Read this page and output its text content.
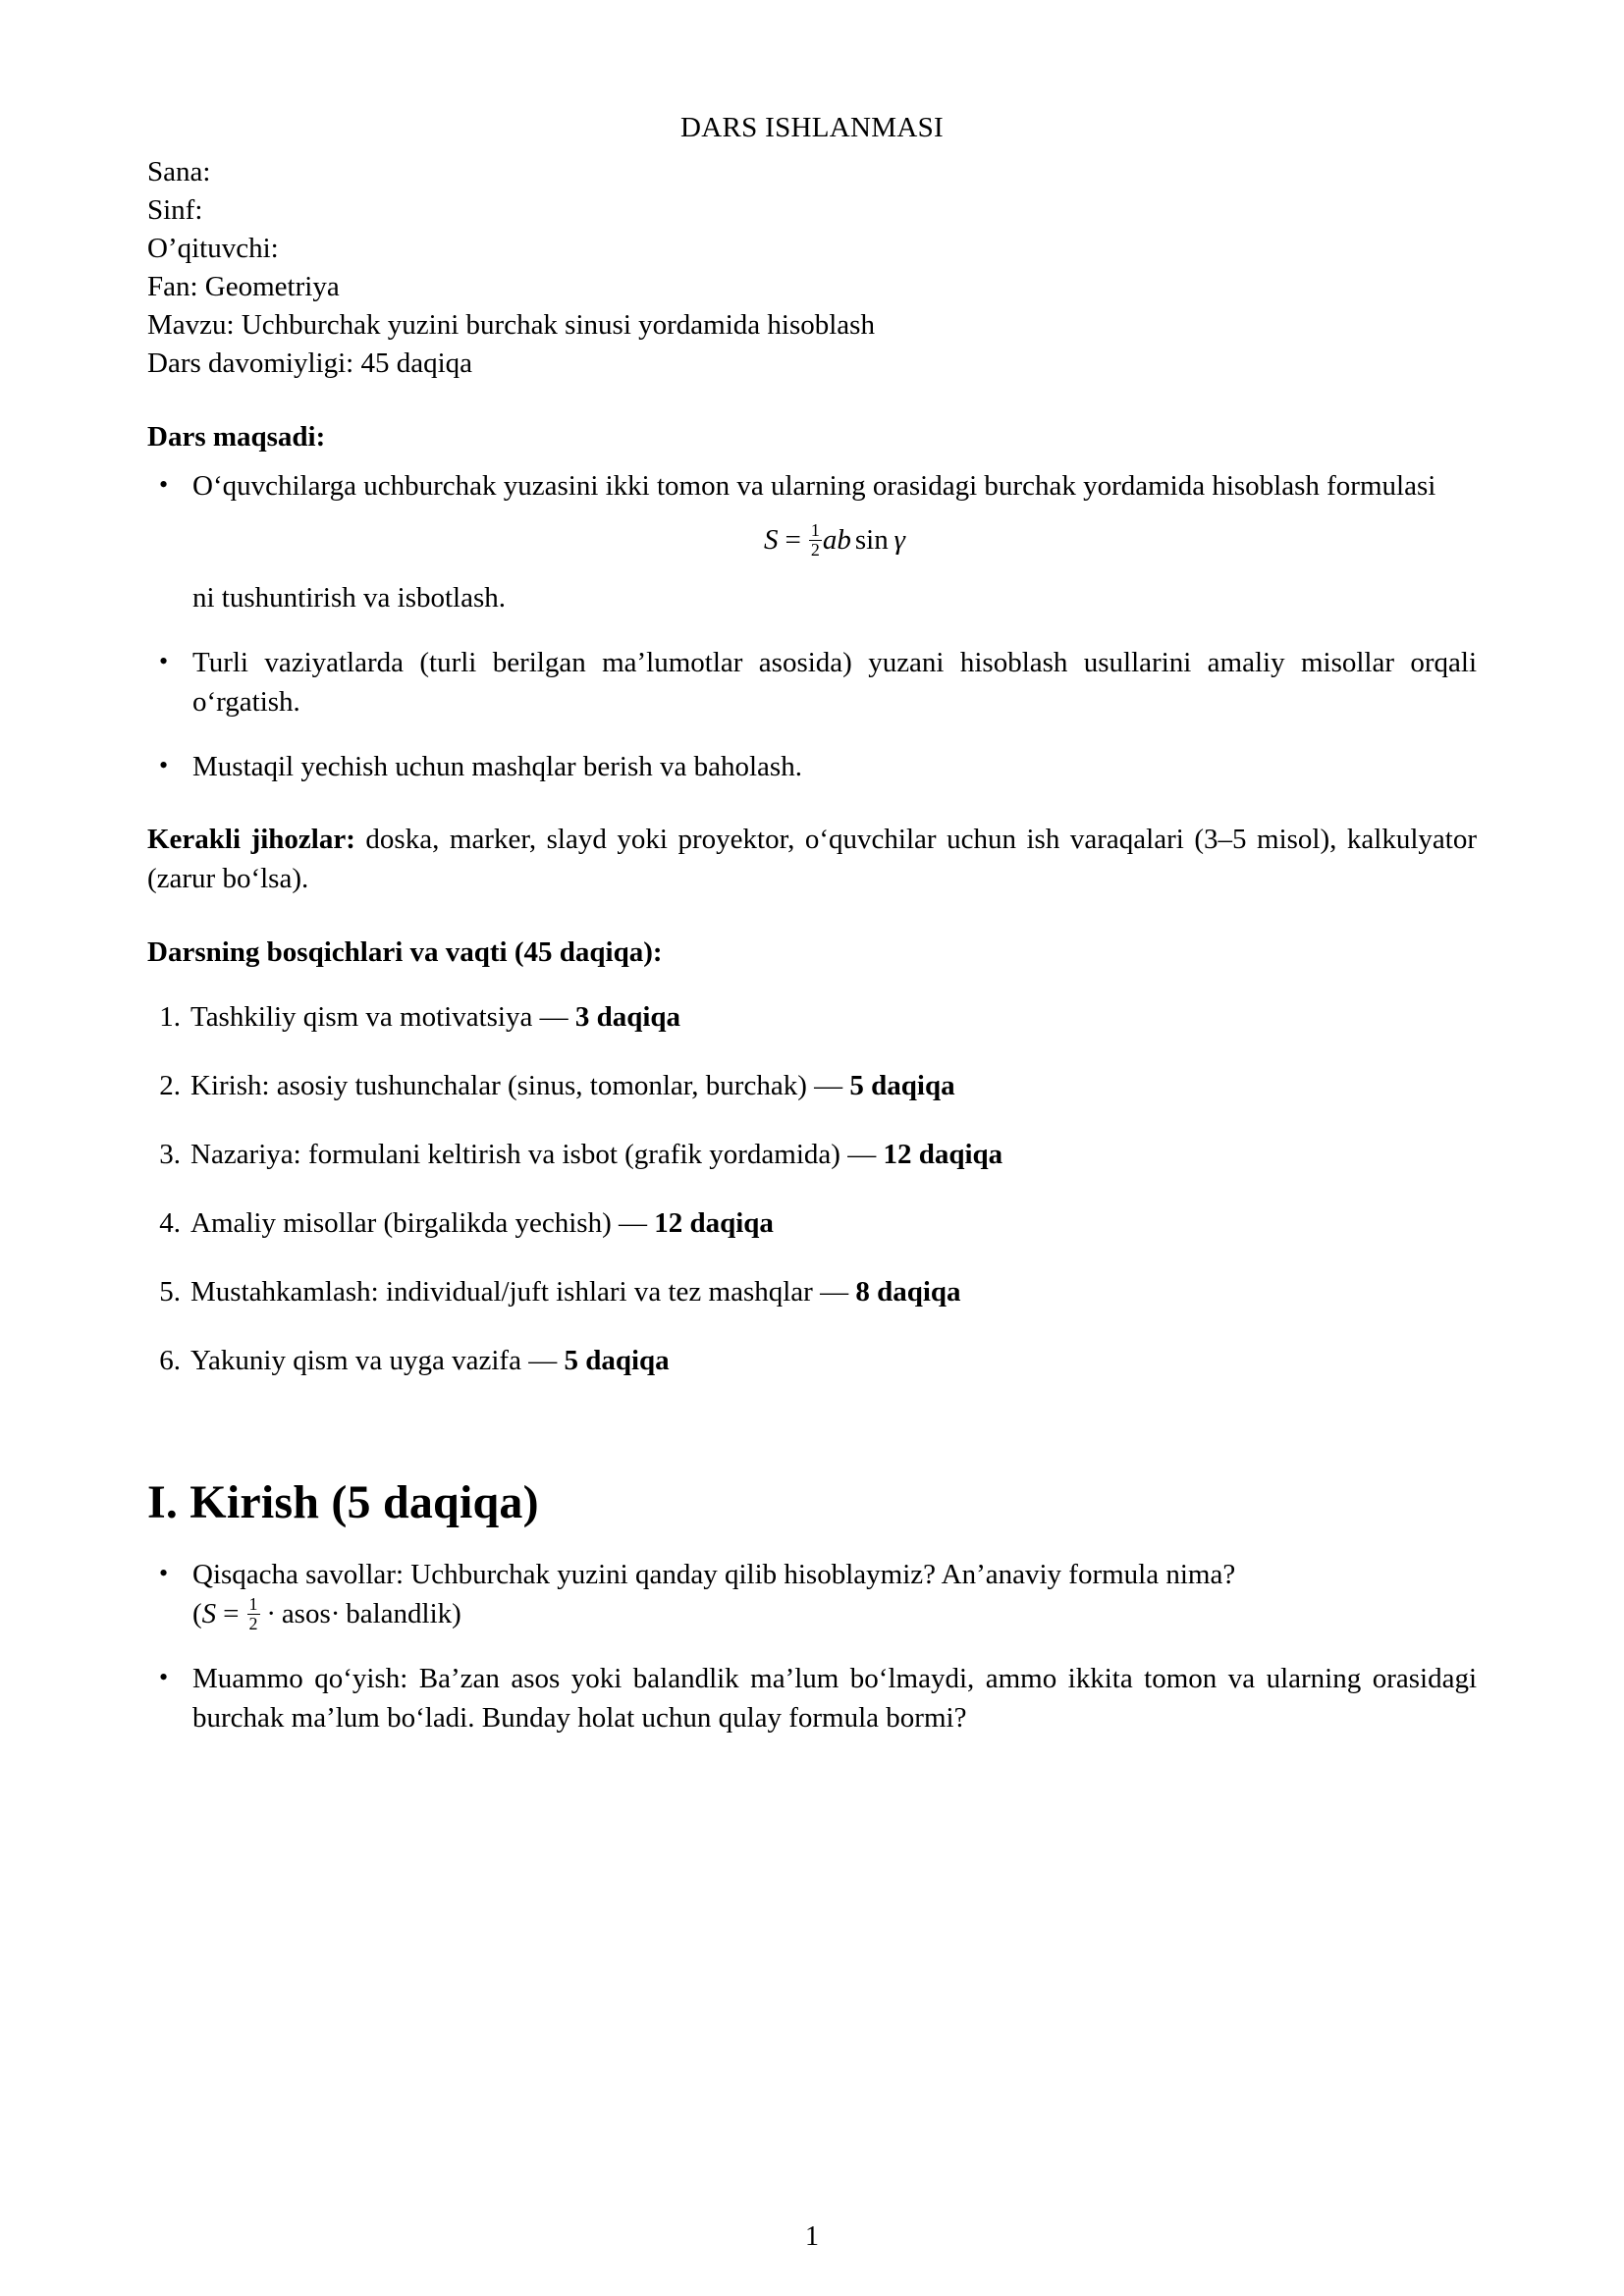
DARS ISHLANMASI
Sana:
Sinf:
O’qituvchi:
Fan: Geometriya
Mavzu: Uchburchak yuzini burchak sinusi yordamida hisoblash
Dars davomiyligi: 45 daqiqa
Dars maqsadi:
• O‘quvchilarga uchburchak yuzasini ikki tomon va ularning orasidagi burchak yordamida hisoblash formulasi
$S = \frac{1}{2}$ ab sin  γ
ni tushuntirish va isbotlash.
• Turli vaziyatlarda (turli berilgan ma’lumotlar asosida) yuzani hisoblash usullarini amaliy misollar orqali o‘rgatish.
• Mustaqil yechish uchun mashqlar berish va baholash.

Kerakli jihozlar: doska, marker, slayd yoki proyektor, o‘quvchilar uchun ish varaqalari (3–5 misol), kalkulyator (zarur bo‘lsa).

Darsning bosqichlari va vaqti (45 daqiqa):
Tashkiliy qism va motivatsiya — 3 daqiqa
Kirish: asosiy tushunchalar (sinus, tomonlar, burchak) — 5 daqiqa
Nazariya: formulani keltirish va isbot (grafik yordamida) — 12 daqiqa
Amaliy misollar (birgalikda yechish) — 12 daqiqa
Mustahkamlash: individual/juft ishlari va tez mashqlar — 8 daqiqa
Yakuniy qism va uyga vazifa — 5 daqiqa
I. Kirish (5 daqiqa)
• Qisqacha savollar: Uchburchak yuzini qanday qilib hisoblaymiz? An’anaviy formula nima?
($S = \frac{1}{2}$
  ·  asos·  balandlik)
• Muammo qo‘yish: Ba’zan asos yoki balandlik ma’lum bo‘lmaydi, ammo ikkita tomon va ularning orasidagi burchak ma’lum bo‘ladi. Bunday holat uchun qulay formula bormi?
1
